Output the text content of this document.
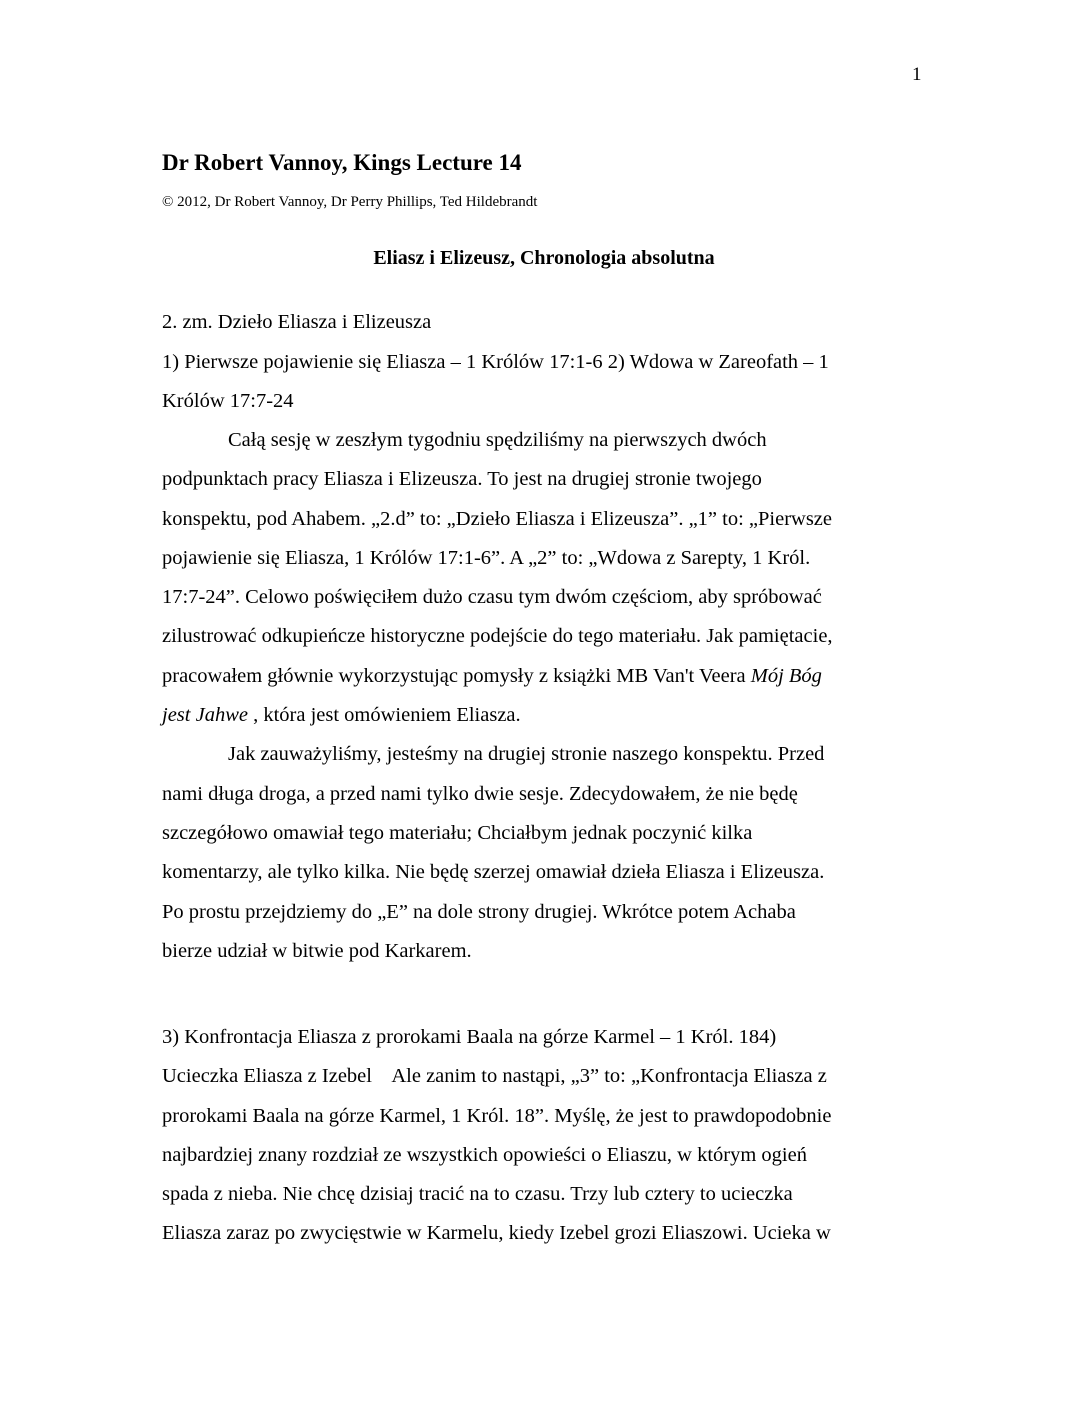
1
Dr Robert Vannoy, Kings Lecture 14
© 2012, Dr Robert Vannoy, Dr Perry Phillips, Ted Hildebrandt
Eliasz i Elizeusz, Chronologia absolutna
2. zm. Dzieło Eliasza i Elizeusza
1) Pierwsze pojawienie się Eliasza – 1 Królów 17:1-6 2) Wdowa w Zareofath – 1
Królów 17:7-24
Całą sesję w zeszłym tygodniu spędziliśmy na pierwszych dwóch
podpunktach pracy Eliasza i Elizeusza. To jest na drugiej stronie twojego
konspektu, pod Ahabem. „2.d” to: „Dzieło Eliasza i Elizeusza”. „1” to: „Pierwsze
pojawienie się Eliasza, 1 Królów 17:1-6”. A „2” to: „Wdowa z Sarepty, 1 Król.
17:7-24”. Celowo poświęciłem dużo czasu tym dwóm częściom, aby spróbować
zilustrować odkupieńcze historyczne podejście do tego materiału. Jak pamiętacie,
pracowałem głównie wykorzystując pomysły z książki MB Van't Veera Mój Bóg
jest Jahwe , która jest omówieniem Eliasza.
Jak zauważyliśmy, jesteśmy na drugiej stronie naszego konspektu. Przed
nami długa droga, a przed nami tylko dwie sesje. Zdecydowałem, że nie będę
szczegółowo omawiał tego materiału; Chciałbym jednak poczynić kilka
komentarzy, ale tylko kilka. Nie będę szerzej omawiał dzieła Eliasza i Elizeusza.
Po prostu przejdziemy do „E” na dole strony drugiej. Wkrótce potem Achaba
bierze udział w bitwie pod Karkarem.
3) Konfrontacja Eliasza z prorokami Baala na górze Karmel – 1 Król. 184)
Ucieczka Eliasza z Izebel    Ale zanim to nastąpi, „3” to: „Konfrontacja Eliasza z
prorokami Baala na górze Karmel, 1 Król. 18”. Myślę, że jest to prawdopodobnie
najbardziej znany rozdział ze wszystkich opowieści o Eliaszu, w którym ogień
spada z nieba. Nie chcę dzisiaj tracić na to czasu. Trzy lub cztery to ucieczka
Eliasza zaraz po zwycięstwie w Karmelu, kiedy Izebel grozi Eliaszowi. Ucieka w
